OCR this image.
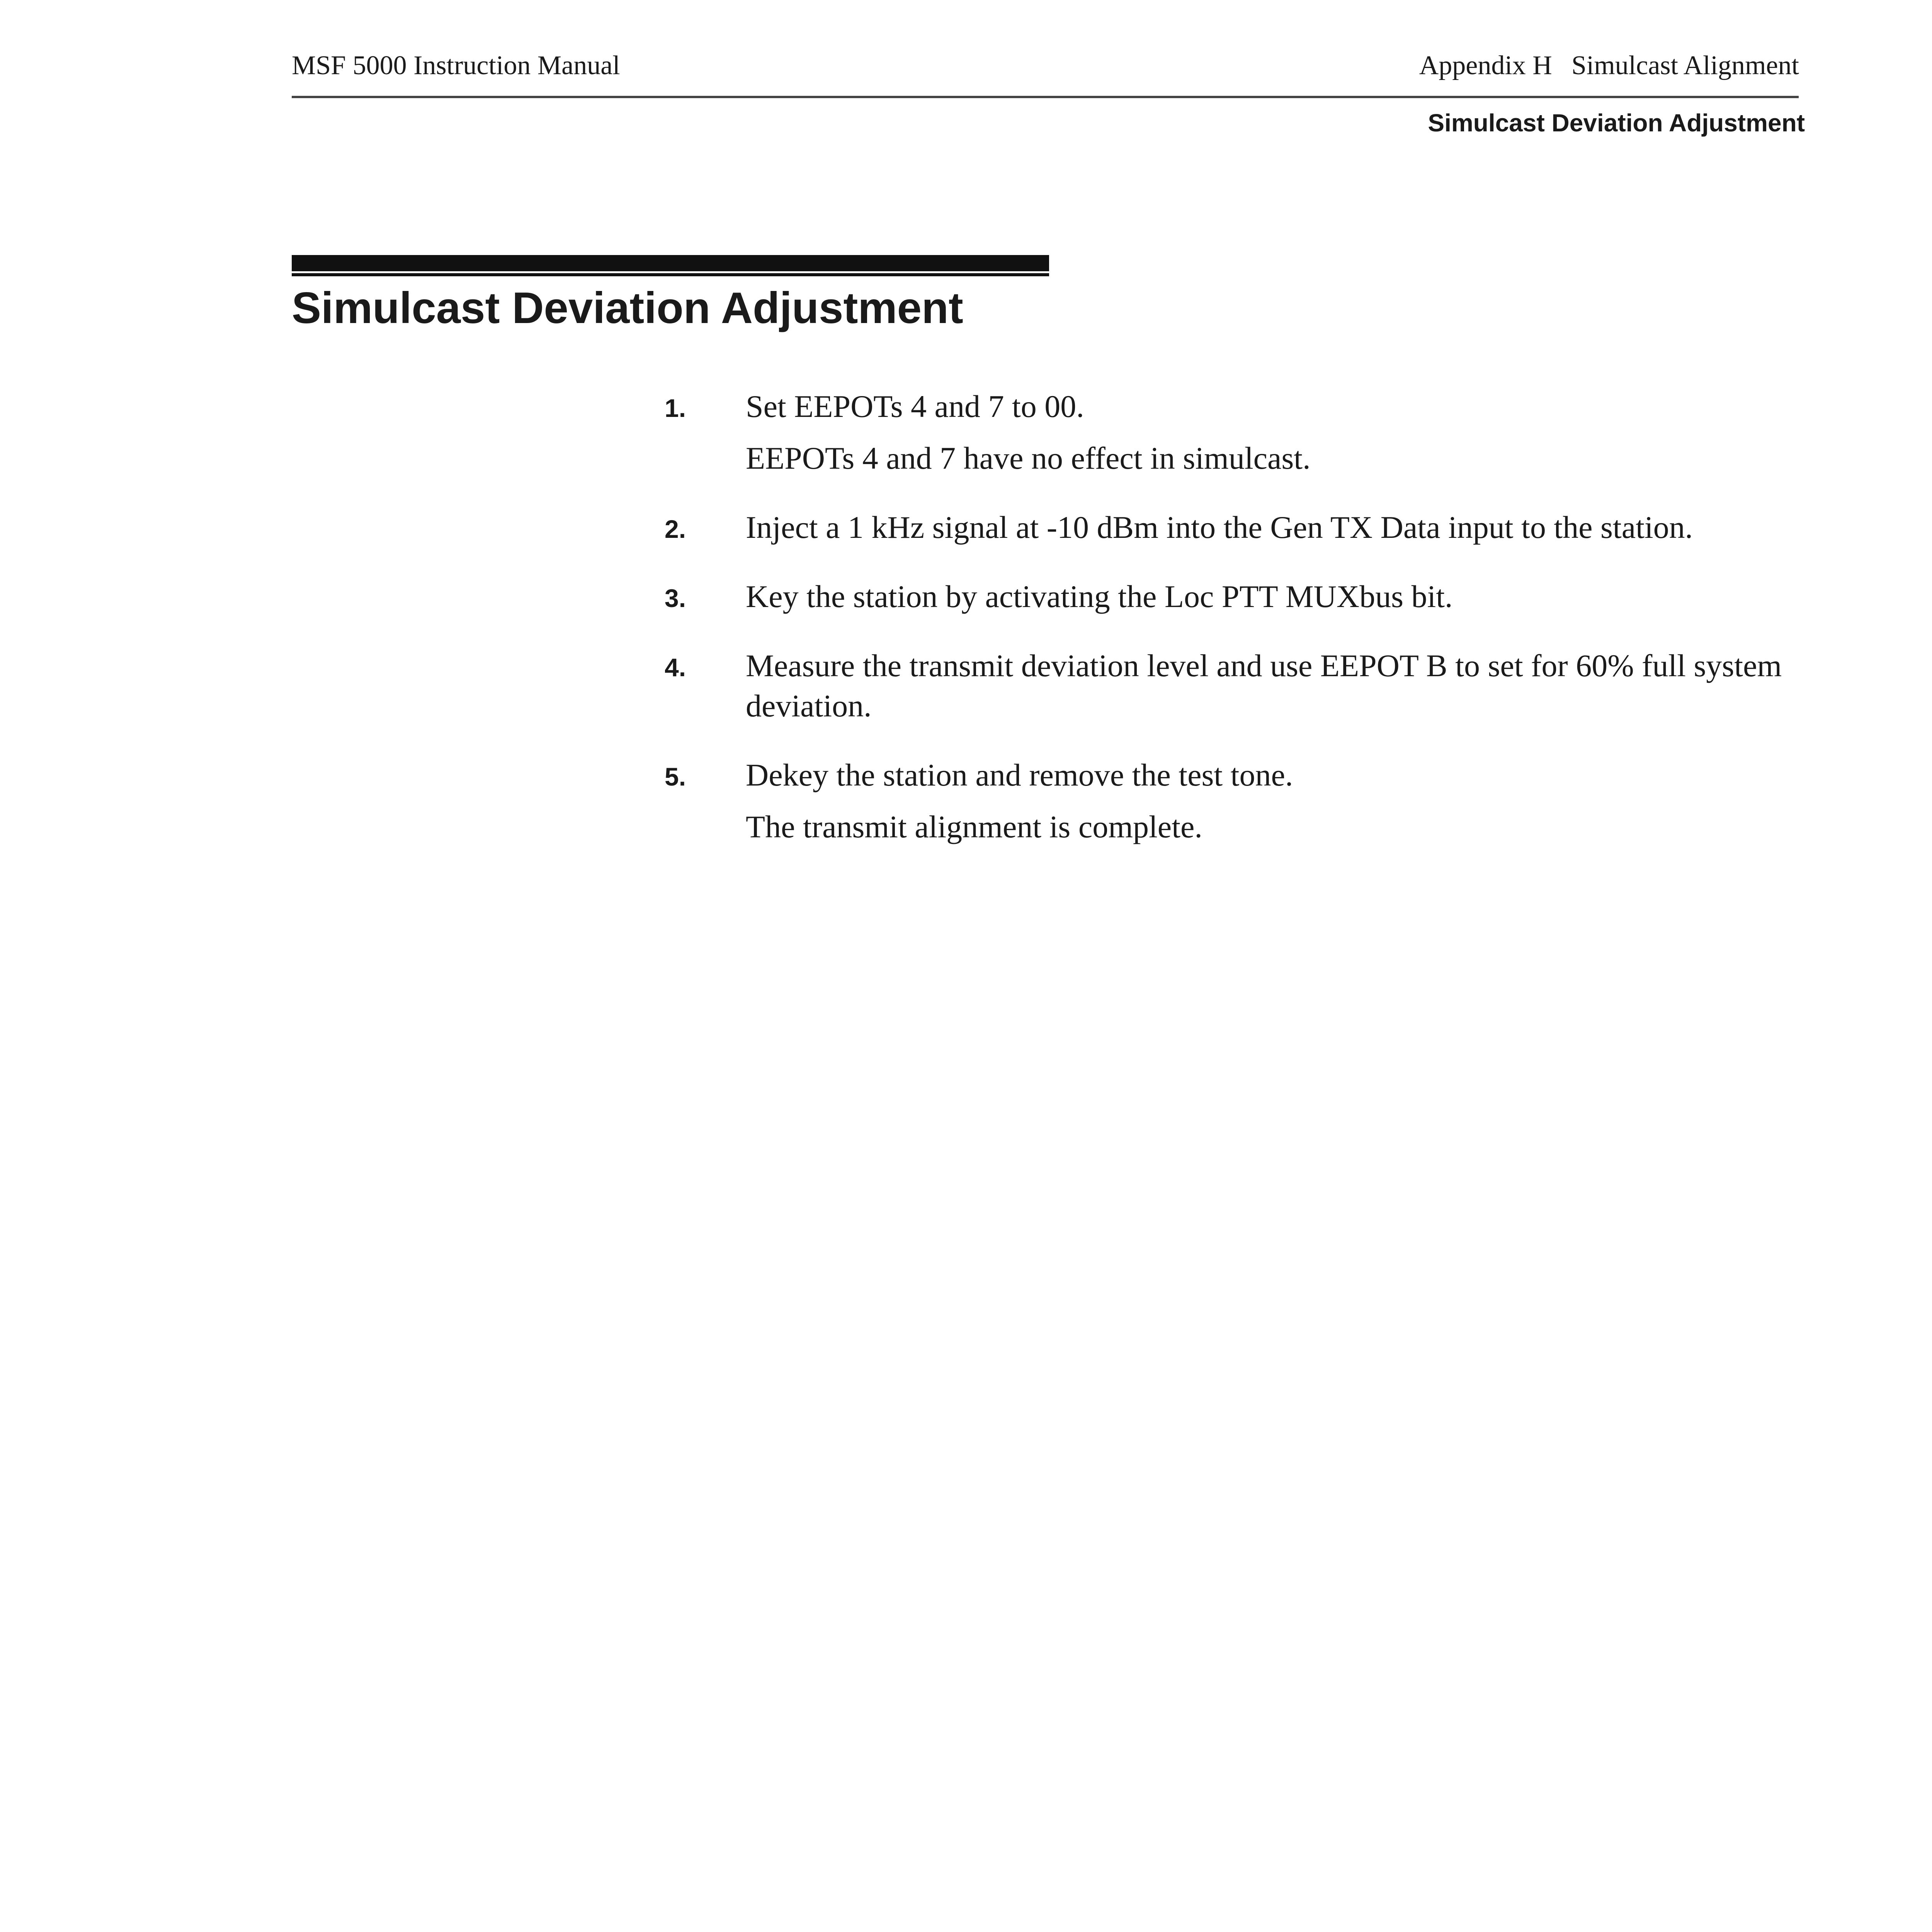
MSF 5000 Instruction Manual	Appendix H Simulcast Alignment
Simulcast Deviation Adjustment
Simulcast Deviation Adjustment
1. Set EEPOTs 4 and 7 to 00.
EEPOTs 4 and 7 have no effect in simulcast.
2. Inject a 1 kHz signal at -10 dBm into the Gen TX Data input to the station.
3. Key the station by activating the Loc PTT MUXbus bit.
4. Measure the transmit deviation level and use EEPOT B to set for 60% full system deviation.
5. Dekey the station and remove the test tone.
The transmit alignment is complete.
